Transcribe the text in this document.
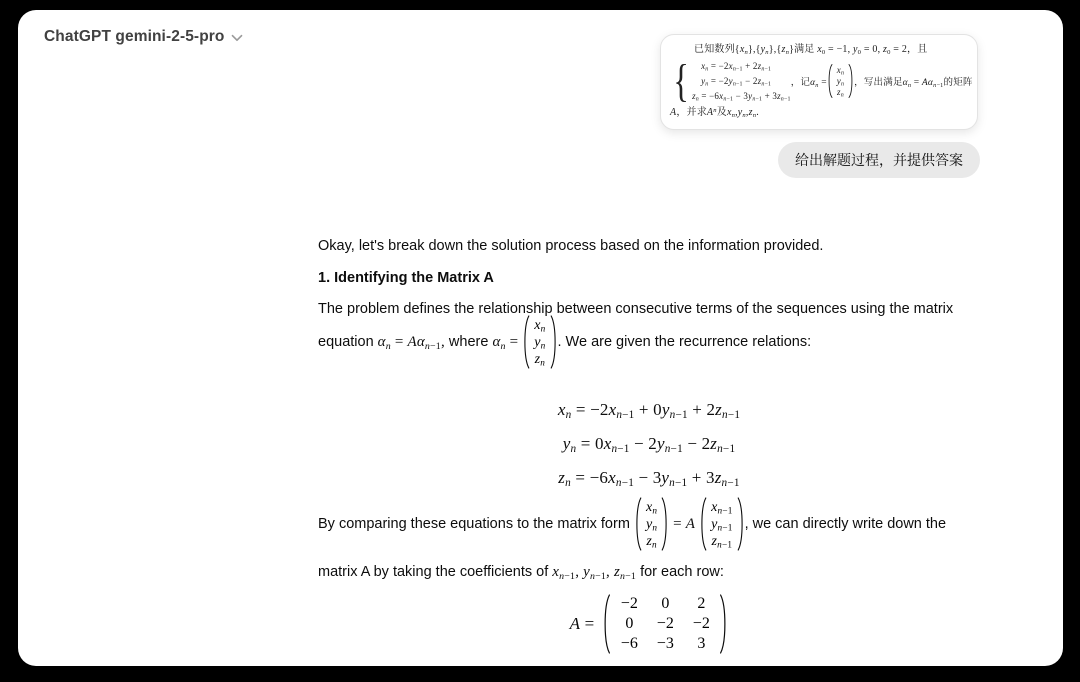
ChatGPT gemini-2-5-pro
已知数列$\{x_n\},\{y_n\},\{z_n\}$满足 $x_0 = -1$, $y_0 = 0$, $z_0 = 2$，且
{ $x_n = -2x_{n-1} + 2z_{n-1}$
$y_n = -2y_{n-1} - 2z_{n-1}$
$z_n = -6x_{n-1} - 3y_{n-1} + 3z_{n-1}$
，记$\alpha_n$ =
$x_n$
$y_n$
$z_n$
，写出满足$\alpha_n = A\alpha_{n-1}$的矩阵
A，并求$A^n$及$x_n,y_n,z_n$.
给出解题过程，并提供答案
Okay, let's break down the solution process based on the information provided.
1. Identifying the Matrix A
The problem defines the relationship between consecutive terms of the sequences using the matrix
equation $\alpha_n = A\alpha_{n-1}$, where $\alpha_n$ =
$x_n$
$y_n$
$z_n$
. We are given the recurrence relations:
$x_n = -2x_{n-1} + 0y_{n-1} + 2z_{n-1}$
$y_n = 0x_{n-1} - 2y_{n-1} - 2z_{n-1}$
$z_n = -6x_{n-1} - 3y_{n-1} + 3z_{n-1}$
By comparing these equations to the matrix form
$x_n$
$y_n$
$z_n$
= A
$x_{n-1}$
$y_{n-1}$
$z_{n-1}$
, we can directly write down the
matrix A by taking the coefficients of $x_{n-1}$, $y_{n-1}$, $z_{n-1}$ for each row:
A =
−2 0 2
0 −2 −2
−6 −3 3
